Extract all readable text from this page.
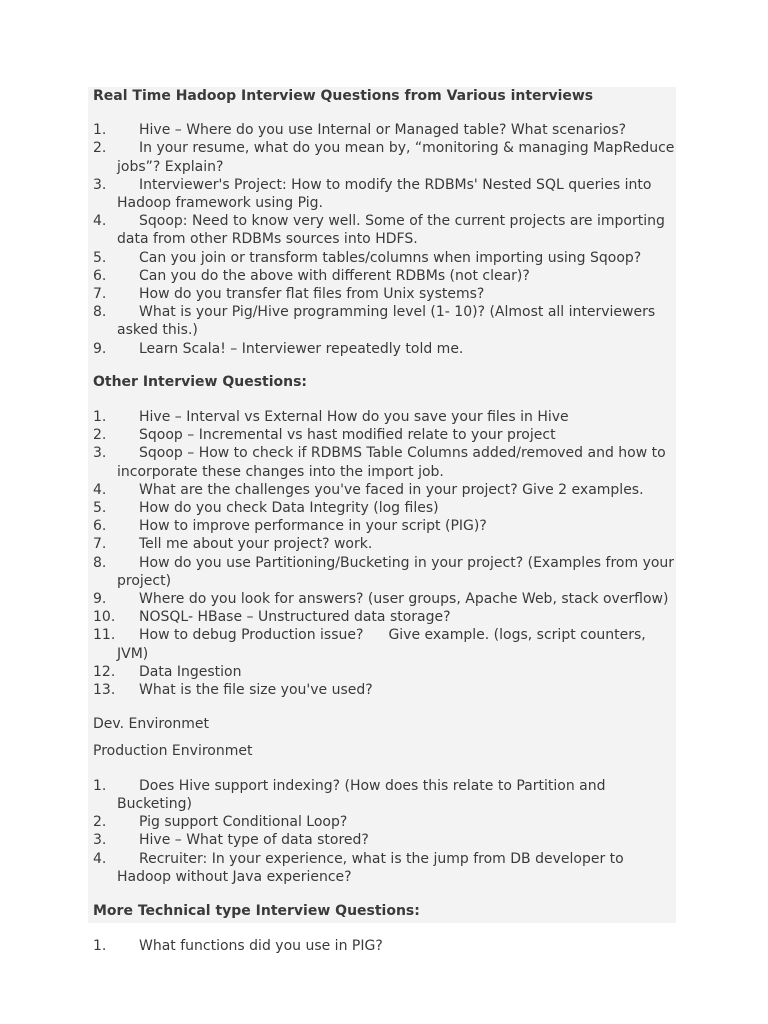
Real Time Hadoop Interview Questions from Various interviews

1. Hive – Where do you use Internal or Managed table? What scenarios?
2. In your resume, what do you mean by, “monitoring & managing MapReduce jobs”? Explain?
3. Interviewer's Project: How to modify the RDBMs' Nested SQL queries into Hadoop framework using Pig.
4. Sqoop: Need to know very well. Some of the current projects are importing data from other RDBMs sources into HDFS.
5. Can you join or transform tables/columns when importing using Sqoop?
6. Can you do the above with different RDBMs (not clear)?
7. How do you transfer flat files from Unix systems?
8. What is your Pig/Hive programming level (1- 10)? (Almost all interviewers asked this.)
9. Learn Scala! – Interviewer repeatedly told me.

Other Interview Questions:

1. Hive – Interval vs External How do you save your files in Hive
2. Sqoop – Incremental vs hast modified relate to your project
3. Sqoop – How to check if RDBMS Table Columns added/removed and how to incorporate these changes into the import job.
4. What are the challenges you've faced in your project? Give 2 examples.
5. How do you check Data Integrity (log files)
6. How to improve performance in your script (PIG)?
7. Tell me about your project? work.
8. How do you use Partitioning/Bucketing in your project? (Examples from your project)
9. Where do you look for answers? (user groups, Apache Web, stack overflow)
10. NOSQL- HBase – Unstructured data storage?
11. How to debug Production issue? Give example. (logs, script counters, JVM)
12. Data Ingestion
13. What is the file size you've used?

Dev. Environmet

Production Environmet

1. Does Hive support indexing? (How does this relate to Partition and Bucketing)
2. Pig support Conditional Loop?
3. Hive – What type of data stored?
4. Recruiter: In your experience, what is the jump from DB developer to Hadoop without Java experience?

More Technical type Interview Questions:

1. What functions did you use in PIG?
